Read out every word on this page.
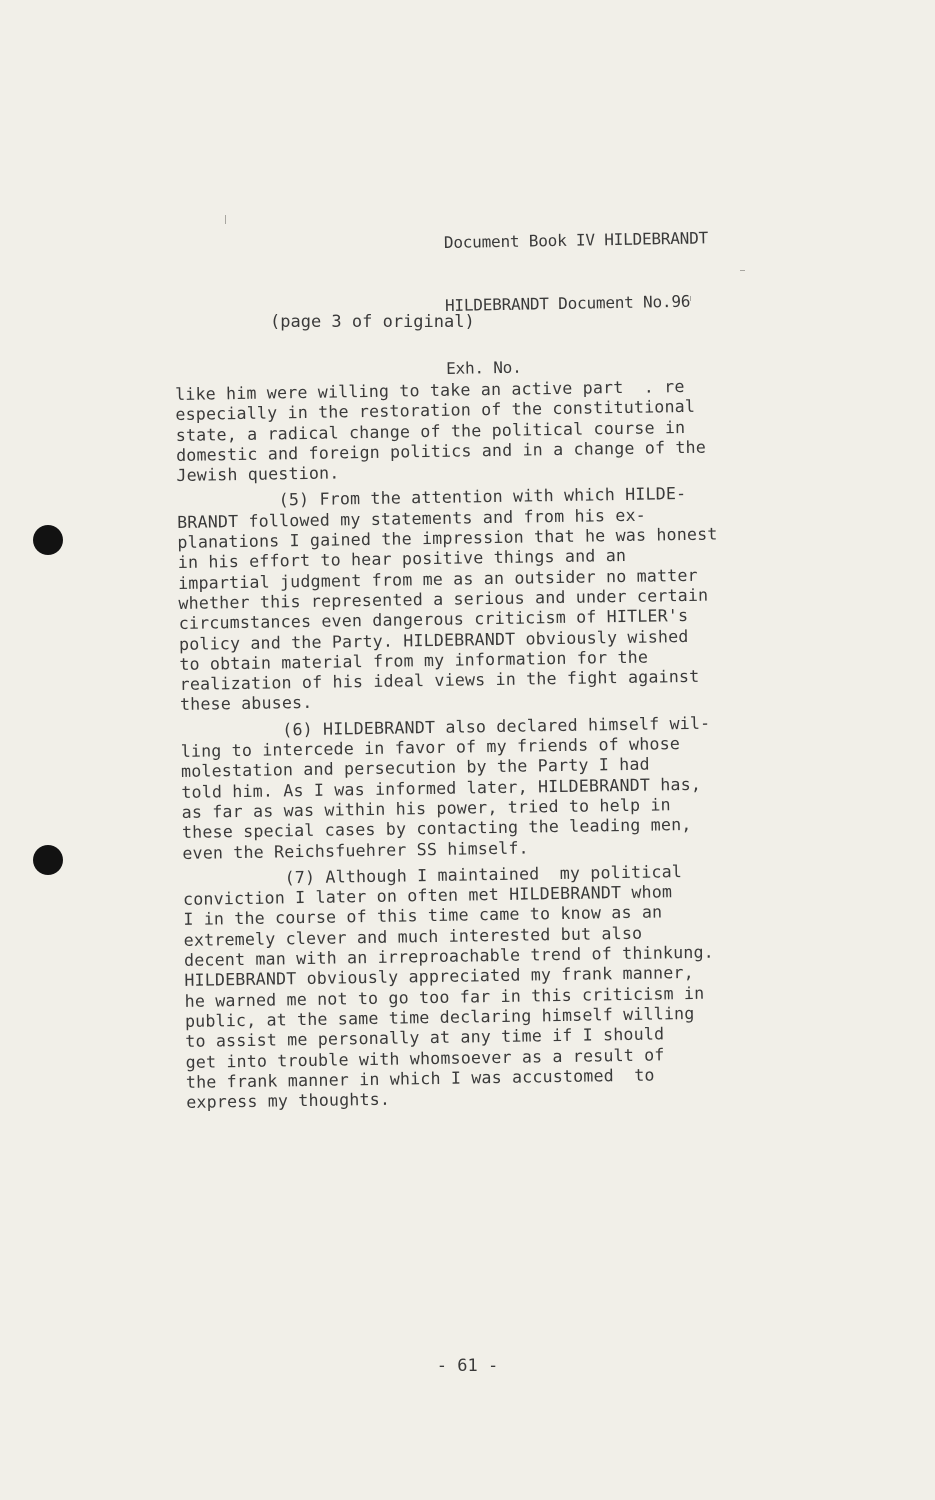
Document Book IV HILDEBRANDT

HILDEBRANDT Document No.96

Exh. No.

(page 3 of original)
like him were willing to take an active part  . re
especially in the restoration of the constitutional
state, a radical change of the political course in
domestic and foreign politics and in a change of the
Jewish question.
(5) From the attention with which HILDE-
BRANDT followed my statements and from his ex-
planations I gained the impression that he was honest
in his effort to hear positive things and an
impartial judgment from me as an outsider no matter
whether this represented a serious and under certain
circumstances even dangerous criticism of HITLER's
policy and the Party. HILDEBRANDT obviously wished
to obtain material from my information for the
realization of his ideal views in the fight against
these abuses.
(6) HILDEBRANDT also declared himself wil-
ling to intercede in favor of my friends of whose
molestation and persecution by the Party I had
told him. As I was informed later, HILDEBRANDT has,
as far as was within his power, tried to help in
these special cases by contacting the leading men,
even the Reichsfuehrer SS himself.
(7) Although I maintained  my political
conviction I later on often met HILDEBRANDT whom
I in the course of this time came to know as an
extremely clever and much interested but also
decent man with an irreproachable trend of thinkung.
HILDEBRANDT obviously appreciated my frank manner,
he warned me not to go too far in this criticism in
public, at the same time declaring himself willing
to assist me personally at any time if I should
get into trouble with whomsoever as a result of
the frank manner in which I was accustomed  to
express my thoughts.
- 61 -
